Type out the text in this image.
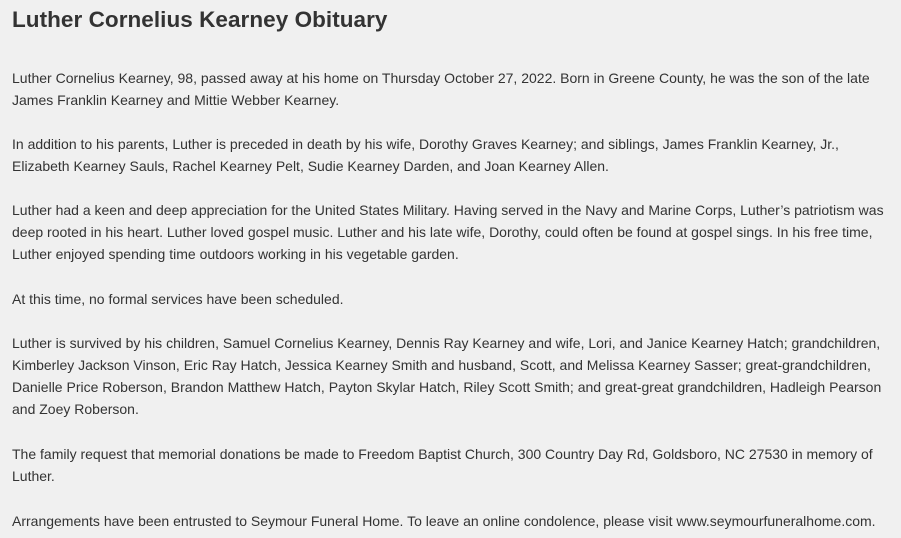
Luther Cornelius Kearney Obituary

Luther Cornelius Kearney, 98, passed away at his home on Thursday October 27, 2022. Born in Greene County, he was the son of the late James Franklin Kearney and Mittie Webber Kearney.

In addition to his parents, Luther is preceded in death by his wife, Dorothy Graves Kearney; and siblings, James Franklin Kearney, Jr., Elizabeth Kearney Sauls, Rachel Kearney Pelt, Sudie Kearney Darden, and Joan Kearney Allen.

Luther had a keen and deep appreciation for the United States Military. Having served in the Navy and Marine Corps, Luther’s patriotism was deep rooted in his heart. Luther loved gospel music. Luther and his late wife, Dorothy, could often be found at gospel sings. In his free time, Luther enjoyed spending time outdoors working in his vegetable garden.

At this time, no formal services have been scheduled.

Luther is survived by his children, Samuel Cornelius Kearney, Dennis Ray Kearney and wife, Lori, and Janice Kearney Hatch; grandchildren, Kimberley Jackson Vinson, Eric Ray Hatch, Jessica Kearney Smith and husband, Scott, and Melissa Kearney Sasser; great-grandchildren, Danielle Price Roberson, Brandon Matthew Hatch, Payton Skylar Hatch, Riley Scott Smith; and great-great grandchildren, Hadleigh Pearson and Zoey Roberson.

The family request that memorial donations be made to Freedom Baptist Church, 300 Country Day Rd, Goldsboro, NC 27530 in memory of Luther.

Arrangements have been entrusted to Seymour Funeral Home. To leave an online condolence, please visit www.seymourfuneralhome.com.
